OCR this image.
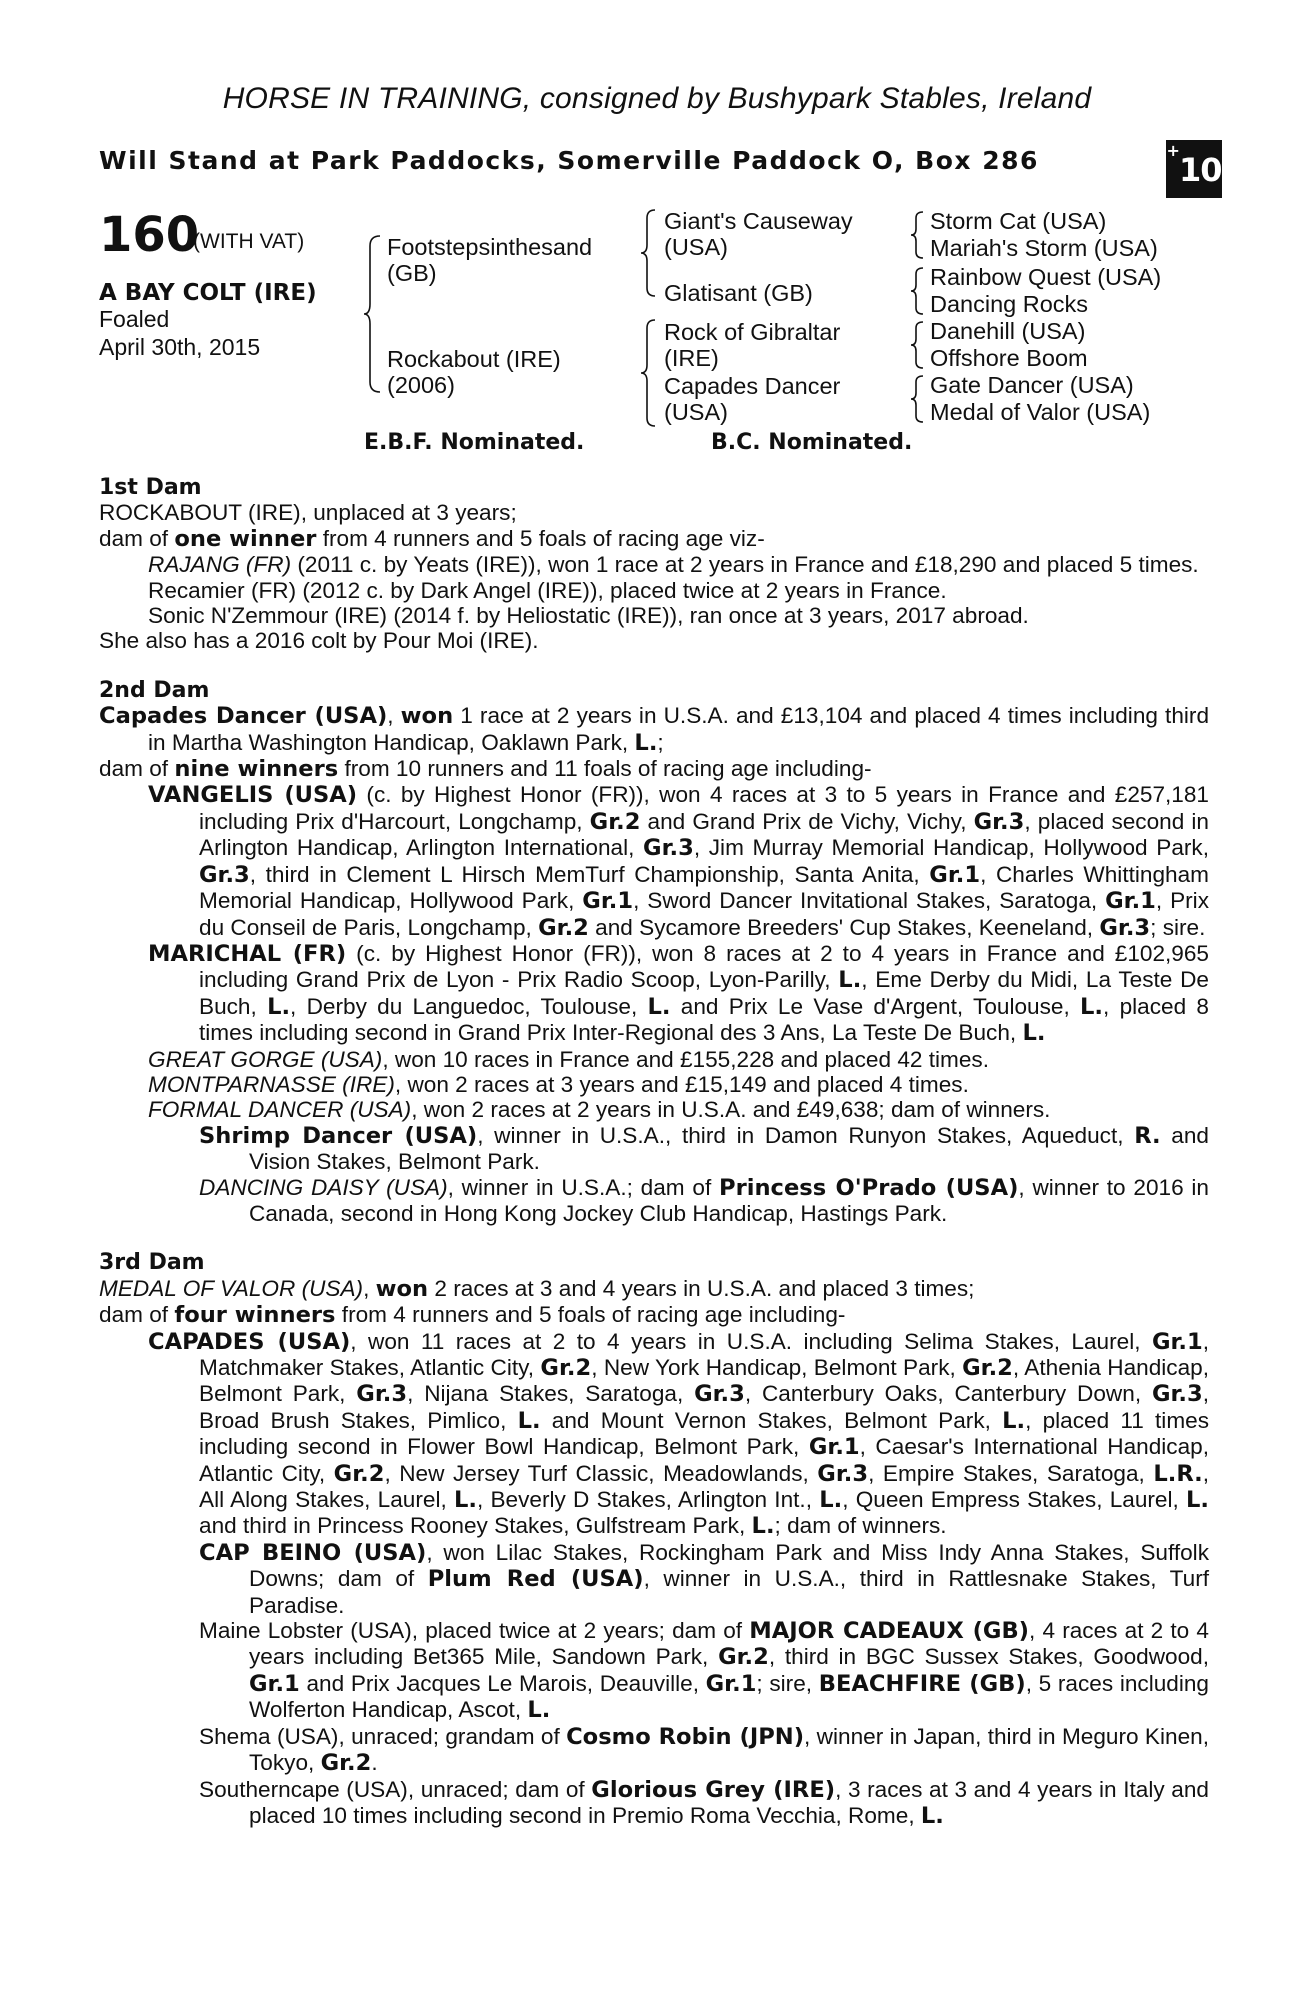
HORSE IN TRAINING, consigned by Bushypark Stables, Ireland
Will Stand at Park Paddocks, Somerville Paddock O, Box 286	+10
160
(WITH VAT)
A BAY COLT (IRE)
Foaled
April 30th, 2015
Footstepsinthesand
(GB)
Rockabout (IRE)
(2006)
Giant's Causeway
(USA)
Glatisant (GB)
Rock of Gibraltar
(IRE)
Capades Dancer
(USA)
Storm Cat (USA)
Mariah's Storm (USA)
Rainbow Quest (USA)
Dancing Rocks
Danehill (USA)
Offshore Boom
Gate Dancer (USA)
Medal of Valor (USA)
E.B.F. Nominated.	B.C. Nominated.
1st Dam
ROCKABOUT (IRE), unplaced at 3 years;
dam of one winner from 4 runners and 5 foals of racing age viz-
RAJANG (FR) (2011 c. by Yeats (IRE)), won 1 race at 2 years in France and £18,290 and placed 5 times.
Recamier (FR) (2012 c. by Dark Angel (IRE)), placed twice at 2 years in France.
Sonic N'Zemmour (IRE) (2014 f. by Heliostatic (IRE)), ran once at 3 years, 2017 abroad.
She also has a 2016 colt by Pour Moi (IRE).
2nd Dam
Capades Dancer (USA), won 1 race at 2 years in U.S.A. and £13,104 and placed 4 times including third in Martha Washington Handicap, Oaklawn Park, L.;
dam of nine winners from 10 runners and 11 foals of racing age including-
VANGELIS (USA) (c. by Highest Honor (FR)), won 4 races at 3 to 5 years in France and £257,181 including Prix d'Harcourt, Longchamp, Gr.2 and Grand Prix de Vichy, Vichy, Gr.3, placed second in Arlington Handicap, Arlington International, Gr.3, Jim Murray Memorial Handicap, Hollywood Park, Gr.3, third in Clement L Hirsch MemTurf Championship, Santa Anita, Gr.1, Charles Whittingham Memorial Handicap, Hollywood Park, Gr.1, Sword Dancer Invitational Stakes, Saratoga, Gr.1, Prix du Conseil de Paris, Longchamp, Gr.2 and Sycamore Breeders' Cup Stakes, Keeneland, Gr.3; sire.
MARICHAL (FR) (c. by Highest Honor (FR)), won 8 races at 2 to 4 years in France and £102,965 including Grand Prix de Lyon - Prix Radio Scoop, Lyon-Parilly, L., Eme Derby du Midi, La Teste De Buch, L., Derby du Languedoc, Toulouse, L. and Prix Le Vase d'Argent, Toulouse, L., placed 8 times including second in Grand Prix Inter-Regional des 3 Ans, La Teste De Buch, L.
GREAT GORGE (USA), won 10 races in France and £155,228 and placed 42 times.
MONTPARNASSE (IRE), won 2 races at 3 years and £15,149 and placed 4 times.
FORMAL DANCER (USA), won 2 races at 2 years in U.S.A. and £49,638; dam of winners.
Shrimp Dancer (USA), winner in U.S.A., third in Damon Runyon Stakes, Aqueduct, R. and Vision Stakes, Belmont Park.
DANCING DAISY (USA), winner in U.S.A.; dam of Princess O'Prado (USA), winner to 2016 in Canada, second in Hong Kong Jockey Club Handicap, Hastings Park.
3rd Dam
MEDAL OF VALOR (USA), won 2 races at 3 and 4 years in U.S.A. and placed 3 times;
dam of four winners from 4 runners and 5 foals of racing age including-
CAPADES (USA), won 11 races at 2 to 4 years in U.S.A. including Selima Stakes, Laurel, Gr.1, Matchmaker Stakes, Atlantic City, Gr.2, New York Handicap, Belmont Park, Gr.2, Athenia Handicap, Belmont Park, Gr.3, Nijana Stakes, Saratoga, Gr.3, Canterbury Oaks, Canterbury Down, Gr.3, Broad Brush Stakes, Pimlico, L. and Mount Vernon Stakes, Belmont Park, L., placed 11 times including second in Flower Bowl Handicap, Belmont Park, Gr.1, Caesar's International Handicap, Atlantic City, Gr.2, New Jersey Turf Classic, Meadowlands, Gr.3, Empire Stakes, Saratoga, L.R., All Along Stakes, Laurel, L., Beverly D Stakes, Arlington Int., L., Queen Empress Stakes, Laurel, L. and third in Princess Rooney Stakes, Gulfstream Park, L.; dam of winners.
CAP BEINO (USA), won Lilac Stakes, Rockingham Park and Miss Indy Anna Stakes, Suffolk Downs; dam of Plum Red (USA), winner in U.S.A., third in Rattlesnake Stakes, Turf Paradise.
Maine Lobster (USA), placed twice at 2 years; dam of MAJOR CADEAUX (GB), 4 races at 2 to 4 years including Bet365 Mile, Sandown Park, Gr.2, third in BGC Sussex Stakes, Goodwood, Gr.1 and Prix Jacques Le Marois, Deauville, Gr.1; sire, BEACHFIRE (GB), 5 races including Wolferton Handicap, Ascot, L.
Shema (USA), unraced; grandam of Cosmo Robin (JPN), winner in Japan, third in Meguro Kinen, Tokyo, Gr.2.
Southerncape (USA), unraced; dam of Glorious Grey (IRE), 3 races at 3 and 4 years in Italy and placed 10 times including second in Premio Roma Vecchia, Rome, L.
